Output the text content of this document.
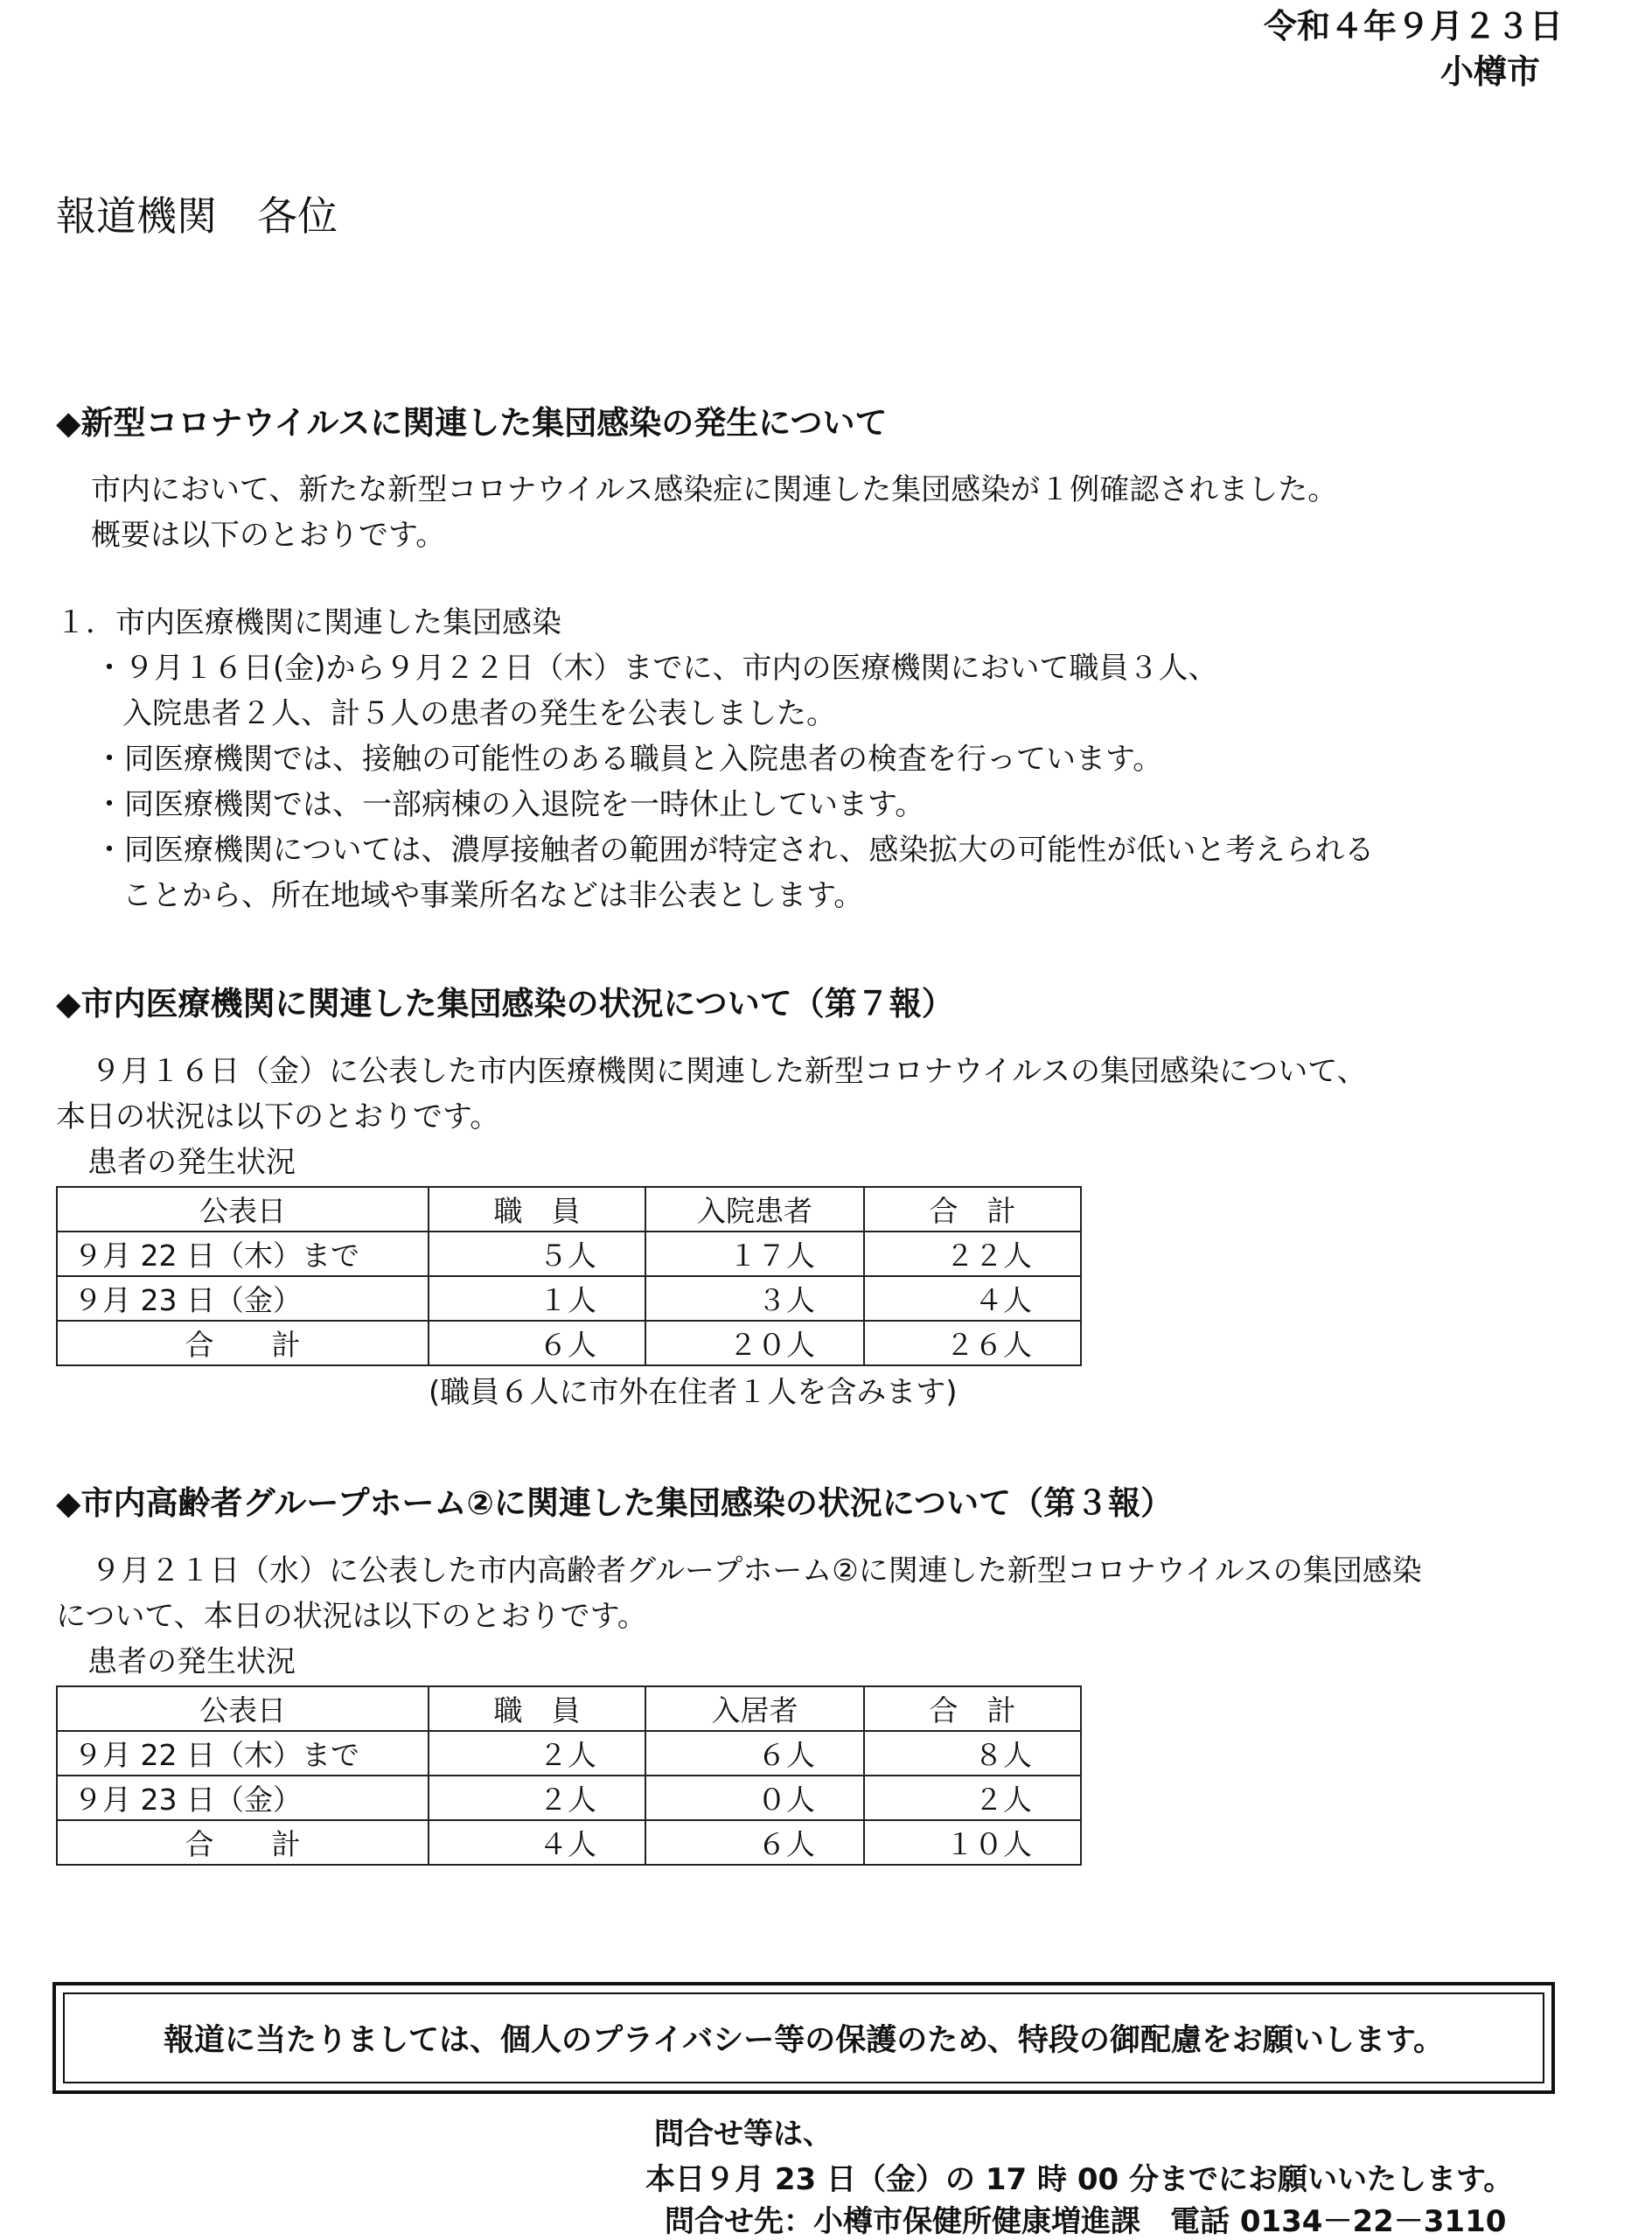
令和４年９月２３日
小樽市
報道機関　各位
◆新型コロナウイルスに関連した集団感染の発生について
市内において、新たな新型コロナウイルス感染症に関連した集団感染が１例確認されました。
概要は以下のとおりです。
１．市内医療機関に関連した集団感染
・９月１６日(金)から９月２２日（木）までに、市内の医療機関において職員３人、
入院患者２人、計５人の患者の発生を公表しました。
・同医療機関では、接触の可能性のある職員と入院患者の検査を行っています。
・同医療機関では、一部病棟の入退院を一時休止しています。
・同医療機関については、濃厚接触者の範囲が特定され、感染拡大の可能性が低いと考えられる
ことから、所在地域や事業所名などは非公表とします。
◆市内医療機関に関連した集団感染の状況について（第７報）
９月１６日（金）に公表した市内医療機関に関連した新型コロナウイルスの集団感染について、
本日の状況は以下のとおりです。
患者の発生状況
公表日	職　員	入院患者	合　計
９月 22 日（木）まで	５人	１７人	２２人
９月 23 日（金）	１人	３人	４人
合　　計	６人	２０人	２６人
(職員６人に市外在住者１人を含みます)
◆市内高齢者グループホーム②に関連した集団感染の状況について（第３報）
９月２１日（水）に公表した市内高齢者グループホーム②に関連した新型コロナウイルスの集団感染
について、本日の状況は以下のとおりです。
患者の発生状況
公表日	職　員	入居者	合　計
９月 22 日（木）まで	２人	６人	８人
９月 23 日（金）	２人	０人	２人
合　　計	４人	６人	１０人
報道に当たりましては、個人のプライバシー等の保護のため、特段の御配慮をお願いします。
問合せ等は、
本日９月 23 日（金）の 17 時 00 分までにお願いいたします。
問合せ先：小樽市保健所健康増進課　電話 0134－22－3110
